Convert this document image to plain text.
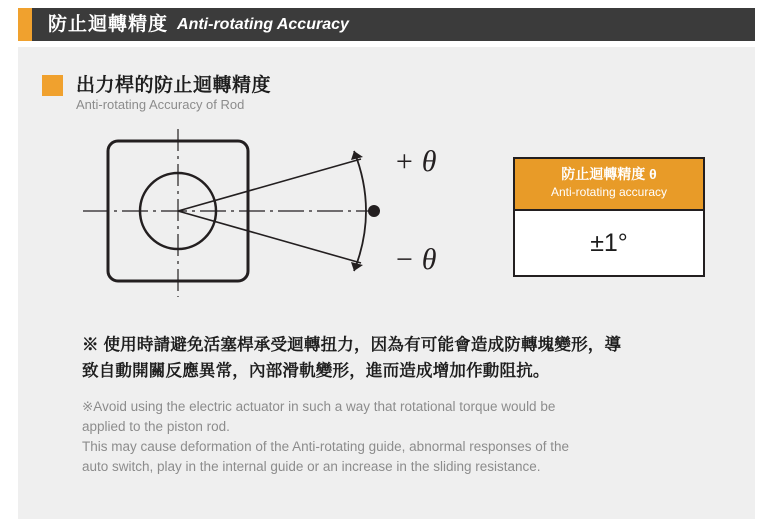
防止迴轉精度 Anti-rotating Accuracy
出力桿的防止迴轉精度
Anti-rotating Accuracy of Rod
+ θ
− θ
防止迴轉精度 θ
Anti-rotating accuracy
±1°
※ 使用時請避免活塞桿承受迴轉扭力，因為有可能會造成防轉塊變形，導
致自動開關反應異常，內部滑軌變形，進而造成增加作動阻抗。
※Avoid using the electric actuator in such a way that rotational torque would be
applied to the piston rod.
This may cause deformation of the Anti-rotating guide, abnormal responses of the
auto switch, play in the internal guide or an increase in the sliding resistance.
